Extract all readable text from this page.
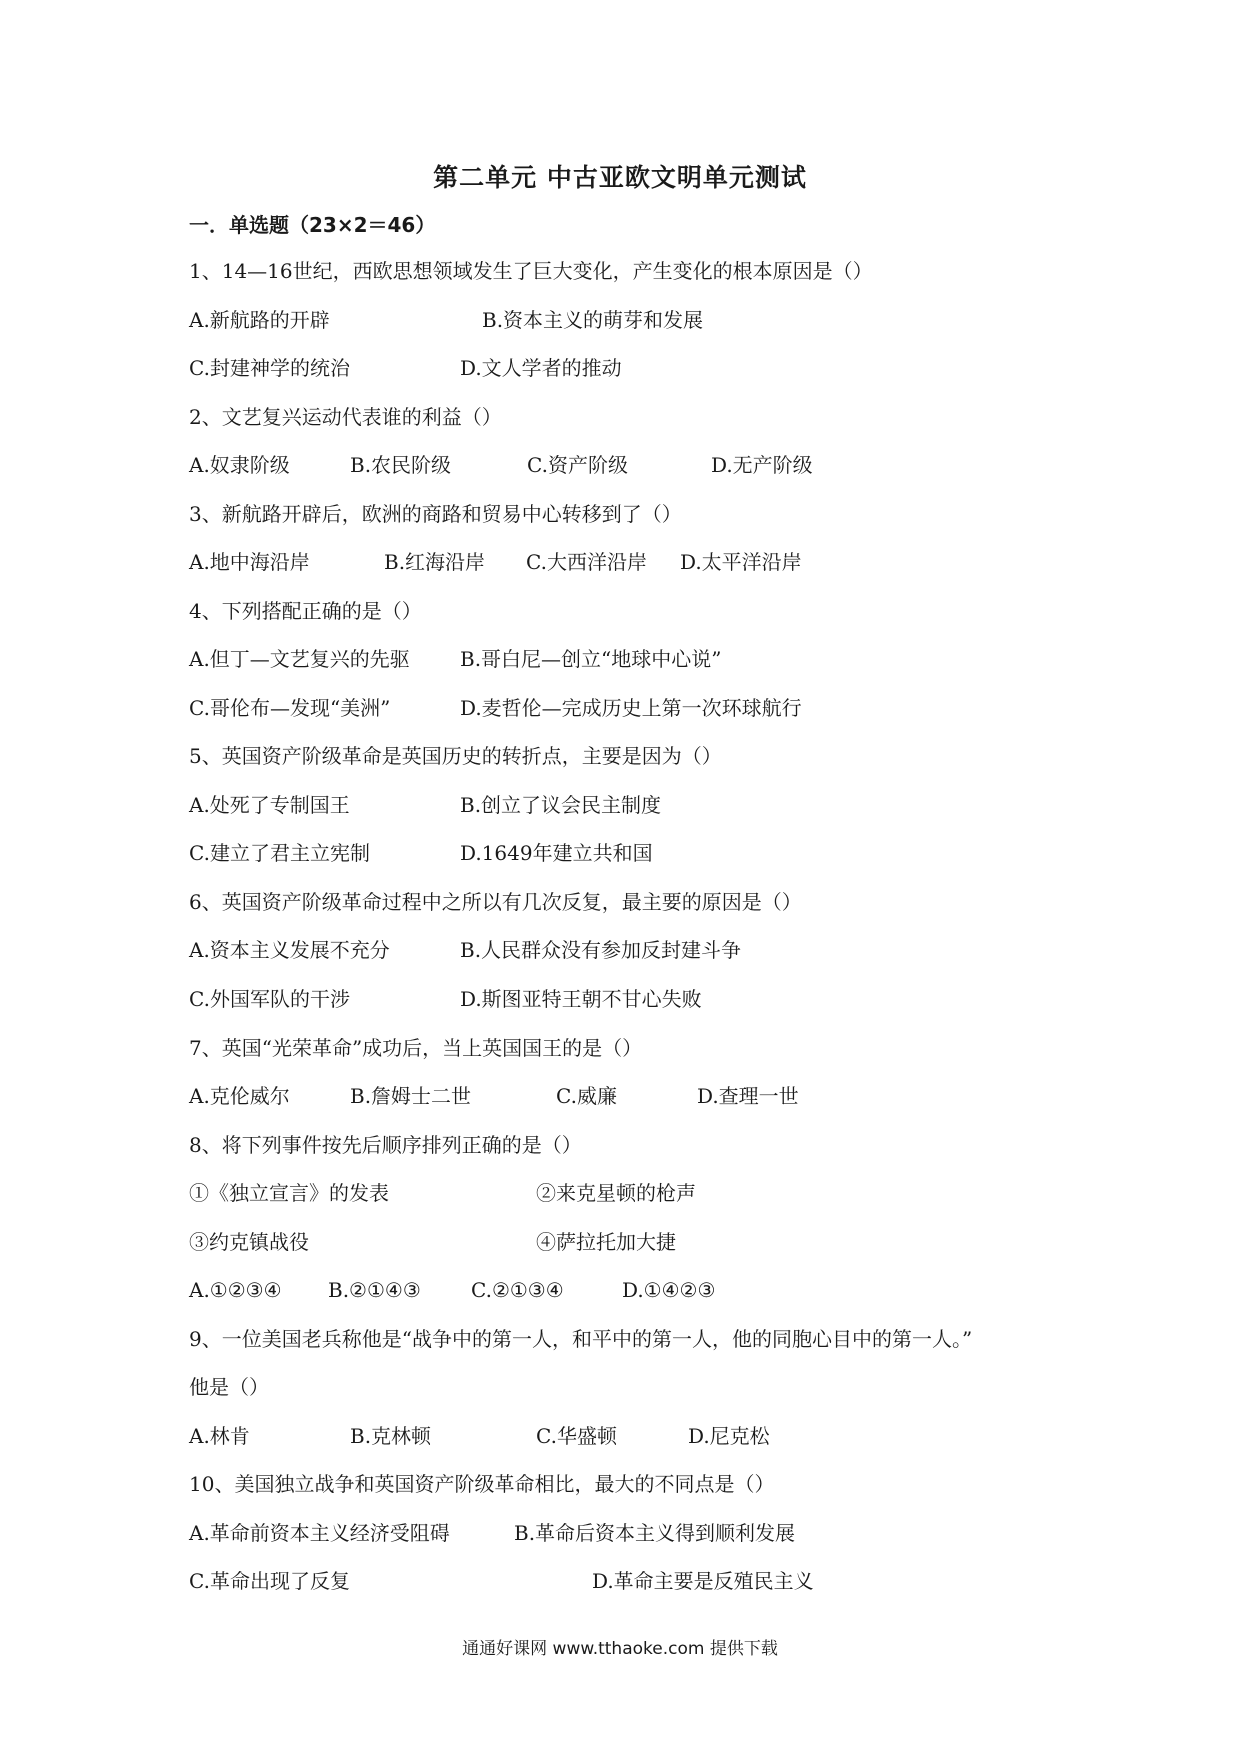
第二单元 中古亚欧文明单元测试
一．单选题（23×2＝46）
1、14—16世纪，西欧思想领域发生了巨大变化，产生变化的根本原因是（）
A.新航路的开辟	B.资本主义的萌芽和发展
C.封建神学的统治	D.文人学者的推动
2、文艺复兴运动代表谁的利益（）
A.奴隶阶级	B.农民阶级	C.资产阶级	D.无产阶级
3、新航路开辟后，欧洲的商路和贸易中心转移到了（）
A.地中海沿岸	B.红海沿岸 C.大西洋沿岸 D.太平洋沿岸
4、下列搭配正确的是（）
A.但丁—文艺复兴的先驱	B.哥白尼—创立“地球中心说”
C.哥伦布—发现“美洲”	D.麦哲伦—完成历史上第一次环球航行
5、英国资产阶级革命是英国历史的转折点，主要是因为（）
A.处死了专制国王	B.创立了议会民主制度
C.建立了君主立宪制	D.1649年建立共和国
6、英国资产阶级革命过程中之所以有几次反复，最主要的原因是（）
A.资本主义发展不充分	B.人民群众没有参加反封建斗争
C.外国军队的干涉	D.斯图亚特王朝不甘心失败
7、英国“光荣革命”成功后，当上英国国王的是（）
A.克伦威尔	B.詹姆士二世	C.威廉	D.查理一世
8、将下列事件按先后顺序排列正确的是（）
①《独立宣言》的发表	②来克星顿的枪声
③约克镇战役	④萨拉托加大捷
A.①②③④ B.②①④③	C.②①③④	D.①④②③
9、一位美国老兵称他是“战争中的第一人，和平中的第一人，他的同胞心目中的第一人。”
他是（）
A.林肯	B.克林顿	C.华盛顿	D.尼克松
10、美国独立战争和英国资产阶级革命相比，最大的不同点是（）
A.革命前资本主义经济受阻碍	B.革命后资本主义得到顺利发展
C.革命出现了反复	D.革命主要是反殖民主义
通通好课网 www.tthaoke.com 提供下载
